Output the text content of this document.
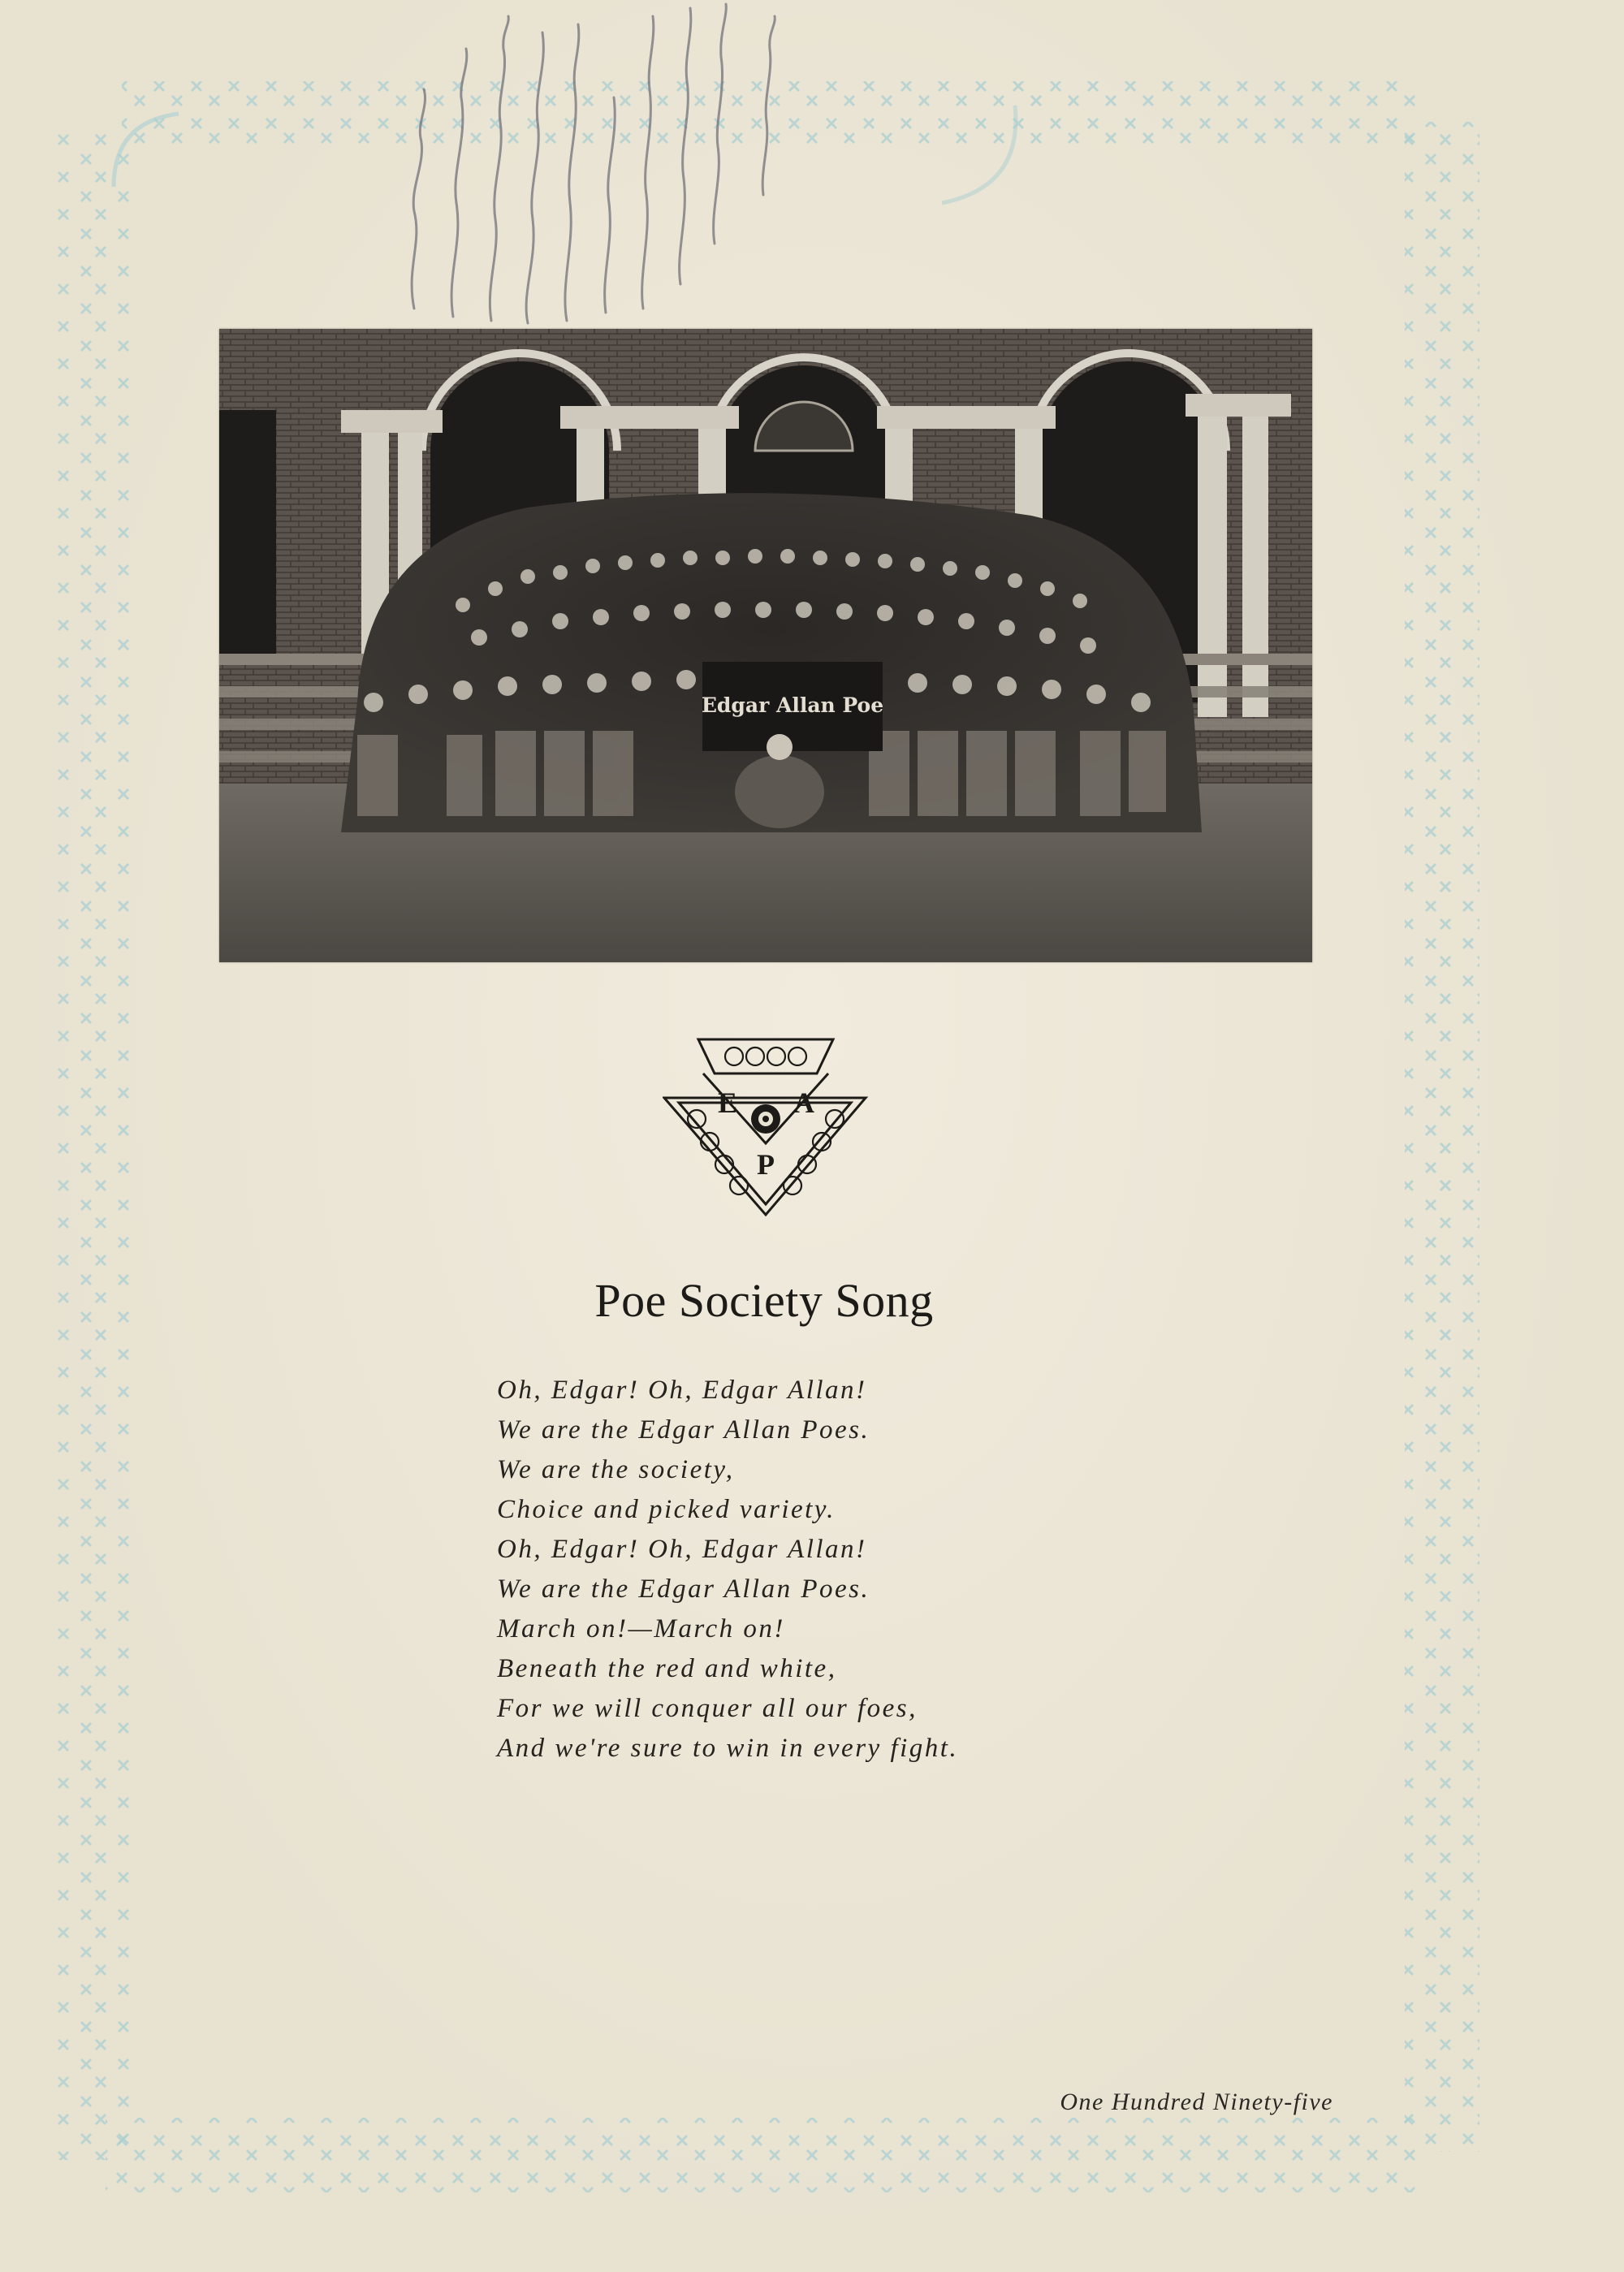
Edgar Allan Poe
E A
P
Poe Society Song
Oh, Edgar! Oh, Edgar Allan!
We are the Edgar Allan Poes.
We are the society,
Choice and picked variety.
Oh, Edgar! Oh, Edgar Allan!
We are the Edgar Allan Poes.
March on!—March on!
Beneath the red and white,
For we will conquer all our foes,
And we're sure to win in every fight.
One Hundred Ninety-five
